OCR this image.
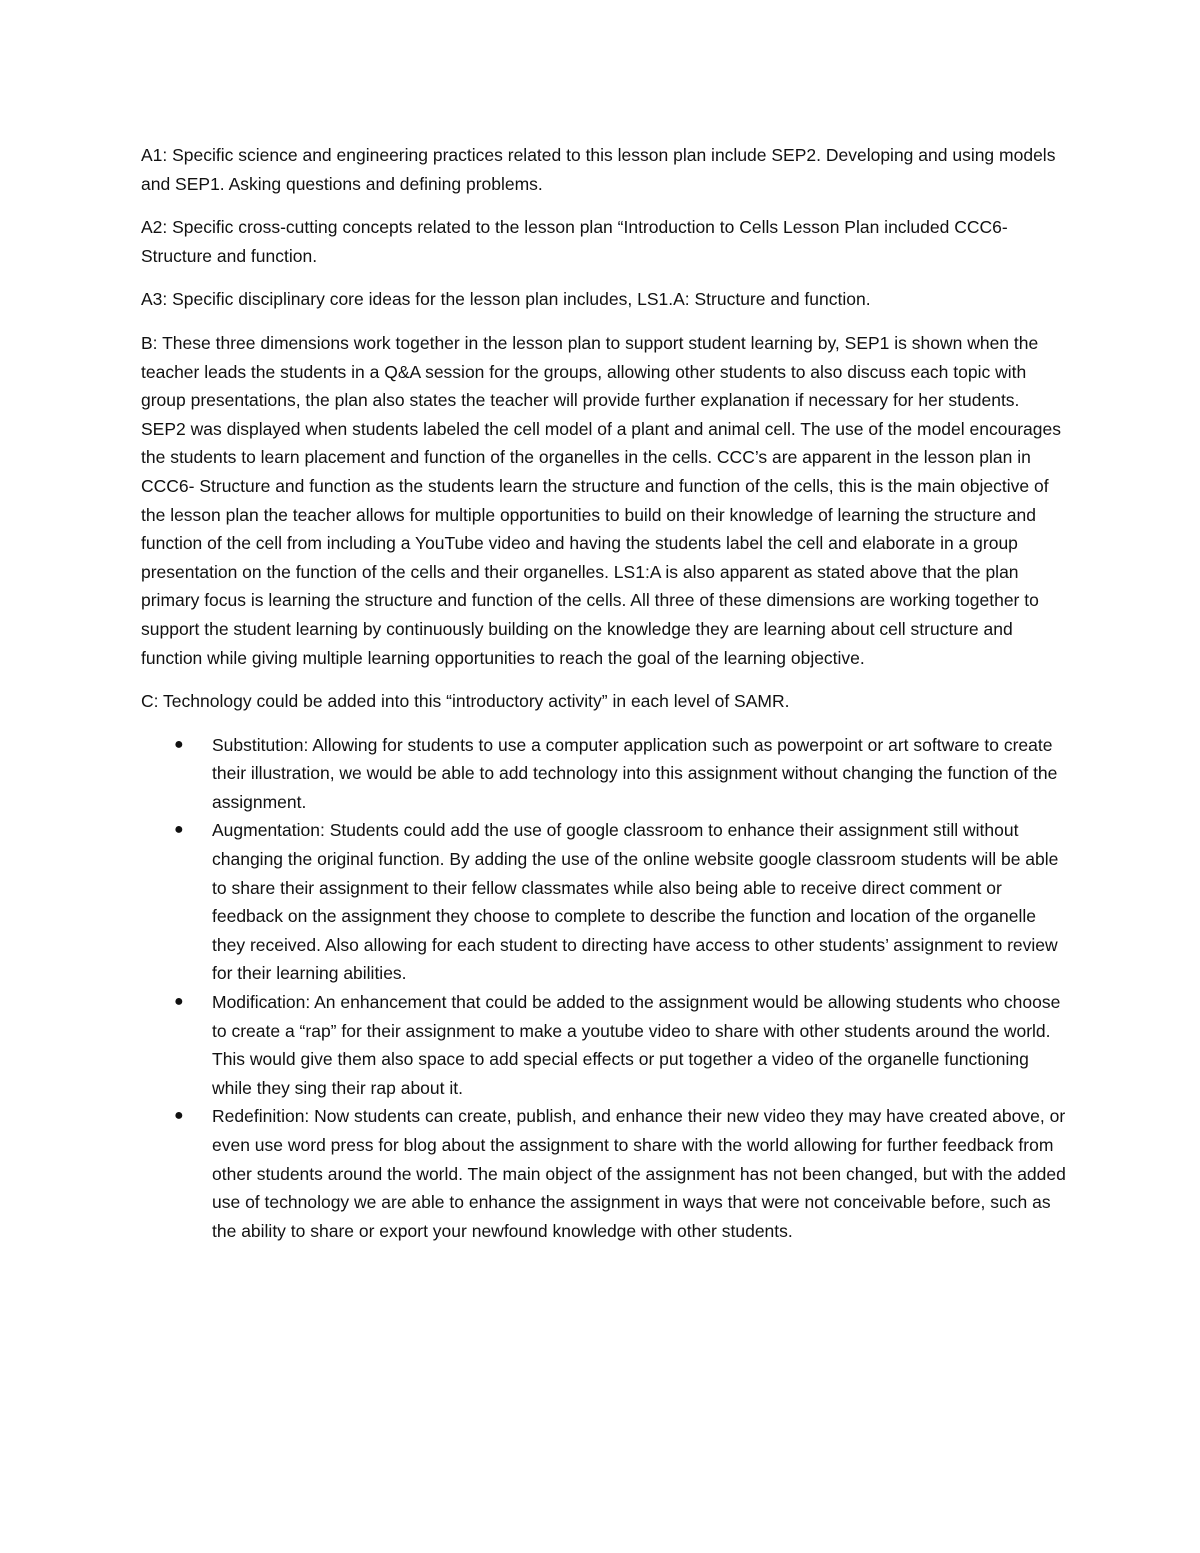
A1: Specific science and engineering practices related to this lesson plan include SEP2. Developing and using models and SEP1. Asking questions and defining problems.

A2: Specific cross-cutting concepts related to the lesson plan “Introduction to Cells Lesson Plan included CCC6-Structure and function.

A3: Specific disciplinary core ideas for the lesson plan includes, LS1.A: Structure and function.

B: These three dimensions work together in the lesson plan to support student learning by, SEP1 is shown when the teacher leads the students in a Q&A session for the groups, allowing other students to also discuss each topic with group presentations, the plan also states the teacher will provide further explanation if necessary for her students. SEP2 was displayed when students labeled the cell model of a plant and animal cell. The use of the model encourages the students to learn placement and function of the organelles in the cells. CCC’s are apparent in the lesson plan in CCC6- Structure and function as the students learn the structure and function of the cells, this is the main objective of the lesson plan the teacher allows for multiple opportunities to build on their knowledge of learning the structure and function of the cell from including a YouTube video and having the students label the cell and elaborate in a group presentation on the function of the cells and their organelles. LS1:A is also apparent as stated above that the plan primary focus is learning the structure and function of the cells. All three of these dimensions are working together to support the student learning by continuously building on the knowledge they are learning about cell structure and function while giving multiple learning opportunities to reach the goal of the learning objective.

C: Technology could be added into this “introductory activity” in each level of SAMR.

● Substitution: Allowing for students to use a computer application such as powerpoint or art software to create their illustration, we would be able to add technology into this assignment without changing the function of the assignment.
● Augmentation: Students could add the use of google classroom to enhance their assignment still without changing the original function. By adding the use of the online website google classroom students will be able to share their assignment to their fellow classmates while also being able to receive direct comment or feedback on the assignment they choose to complete to describe the function and location of the organelle they received. Also allowing for each student to directing have access to other students’ assignment to review for their learning abilities.
● Modification: An enhancement that could be added to the assignment would be allowing students who choose to create a “rap” for their assignment to make a youtube video to share with other students around the world. This would give them also space to add special effects or put together a video of the organelle functioning while they sing their rap about it.
● Redefinition: Now students can create, publish, and enhance their new video they may have created above, or even use word press for blog about the assignment to share with the world allowing for further feedback from other students around the world. The main object of the assignment has not been changed, but with the added use of technology we are able to enhance the assignment in ways that were not conceivable before, such as the ability to share or export your newfound knowledge with other students.
